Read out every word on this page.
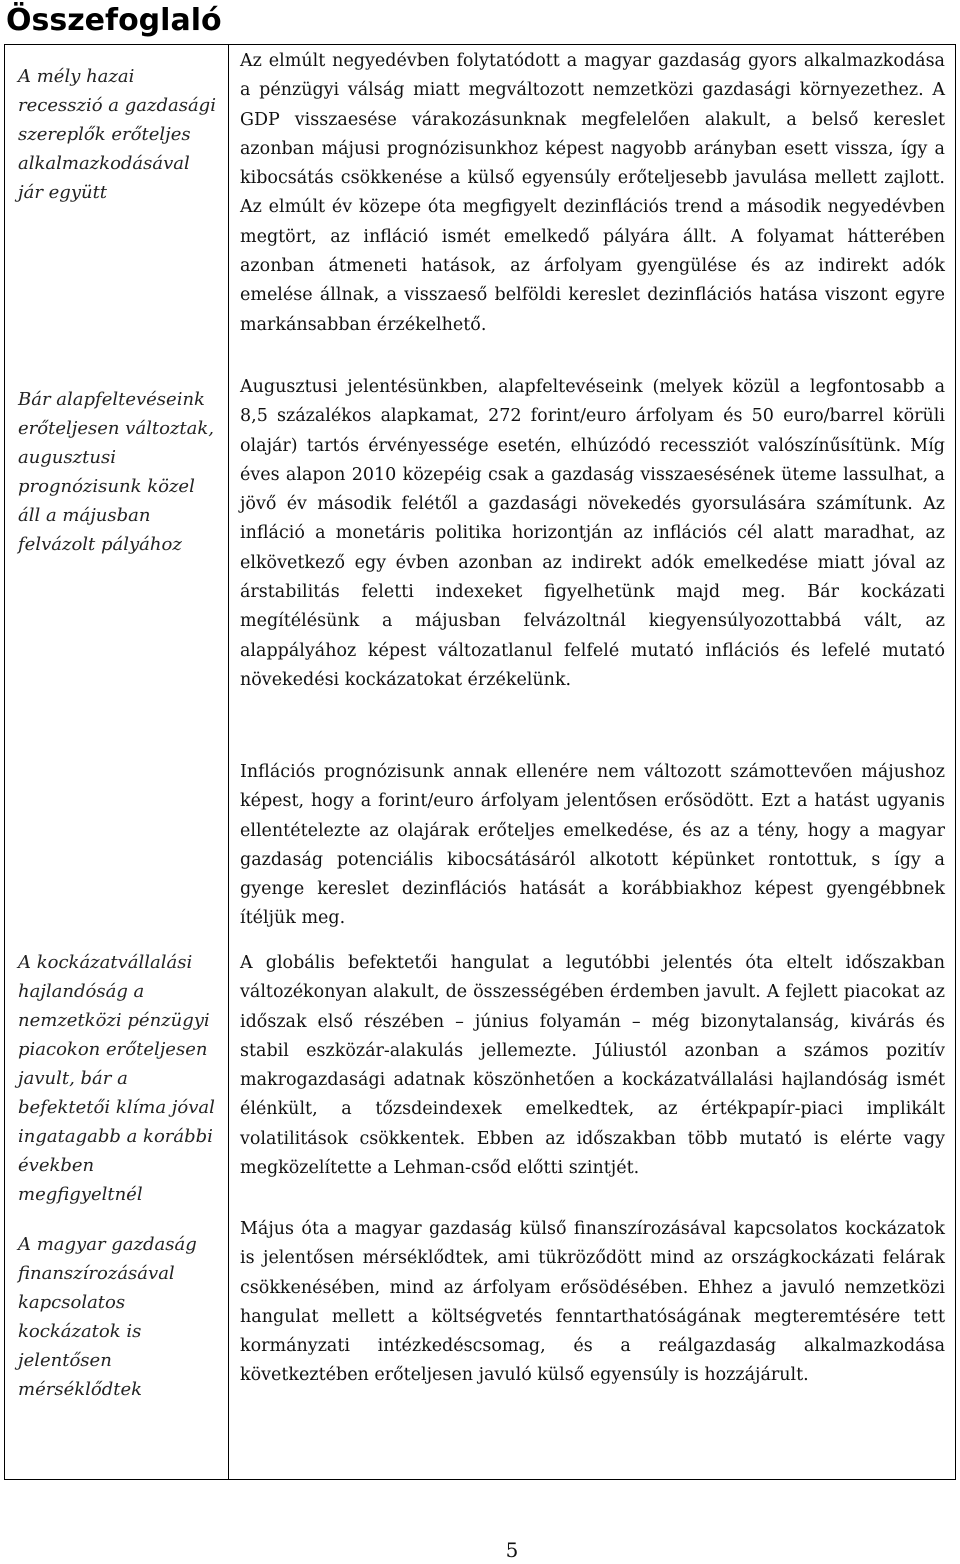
Összefoglaló
A mély hazai recesszió a gazdasági szereplők erőteljes alkalmazkodásával jár együtt
Bár alapfeltevéseink erőteljesen változtak, augusztusi prognózisunk közel áll a májusban felvázolt pályához
A kockázatvállalási hajlandóság a nemzetközi pénzügyi piacokon erőteljesen javult, bár a befektetői klíma jóval ingatagabb a korábbi években megfigyeltnél
A magyar gazdaság finanszírozásával kapcsolatos kockázatok is jelentősen mérséklődtek

Az elmúlt negyedévben folytatódott a magyar gazdaság gyors alkalmazkodása a pénzügyi válság miatt megváltozott nemzetközi gazdasági környezethez. A GDP visszaesése várakozásunknak megfelelően alakult, a belső kereslet azonban májusi prognózisunkhoz képest nagyobb arányban esett vissza, így a kibocsátás csökkenése a külső egyensúly erőteljesebb javulása mellett zajlott. Az elmúlt év közepe óta megfigyelt dezinflációs trend a második negyedévben megtört, az infláció ismét emelkedő pályára állt. A folyamat hátterében azonban átmeneti hatások, az árfolyam gyengülése és az indirekt adók emelése állnak, a visszaeső belföldi kereslet dezinflációs hatása viszont egyre markánsabban érzékelhető.

Augusztusi jelentésünkben, alapfeltevéseink (melyek közül a legfontosabb a 8,5 százalékos alapkamat, 272 forint/euro árfolyam és 50 euro/barrel körüli olajár) tartós érvényessége esetén, elhúzódó recessziót valószínűsítünk. Míg éves alapon 2010 közepéig csak a gazdaság visszaesésének üteme lassulhat, a jövő év második felétől a gazdasági növekedés gyorsulására számítunk. Az infláció a monetáris politika horizontján az inflációs cél alatt maradhat, az elkövetkező egy évben azonban az indirekt adók emelkedése miatt jóval az árstabilitás feletti indexeket figyelhetünk majd meg. Bár kockázati megítélésünk a májusban felvázoltnál kiegyensúlyozottabbá vált, az alappályához képest változatlanul felfelé mutató inflációs és lefelé mutató növekedési kockázatokat érzékelünk.

Inflációs prognózisunk annak ellenére nem változott számottevően májushoz képest, hogy a forint/euro árfolyam jelentősen erősödött. Ezt a hatást ugyanis ellentételezte az olajárak erőteljes emelkedése, és az a tény, hogy a magyar gazdaság potenciális kibocsátásáról alkotott képünket rontottuk, s így a gyenge kereslet dezinflációs hatását a korábbiakhoz képest gyengébbnek ítéljük meg.

A globális befektetői hangulat a legutóbbi jelentés óta eltelt időszakban változékonyan alakult, de összességében érdemben javult. A fejlett piacokat az időszak első részében – június folyamán – még bizonytalanság, kivárás és stabil eszközár-alakulás jellemezte. Júliustól azonban a számos pozitív makrogazdasági adatnak köszönhetően a kockázatvállalási hajlandóság ismét élénkült, a tőzsdeindexek emelkedtek, az értékpapír-piaci implikált volatilitások csökkentek. Ebben az időszakban több mutató is elérte vagy megközelítette a Lehman-csőd előtti szintjét.

Május óta a magyar gazdaság külső finanszírozásával kapcsolatos kockázatok is jelentősen mérséklődtek, ami tükröződött mind az országkockázati felárak csökkenésében, mind az árfolyam erősödésében. Ehhez a javuló nemzetközi hangulat mellett a költségvetés fenntarthatóságának megteremtésére tett kormányzati intézkedéscsomag, és a reálgazdaság alkalmazkodása következtében erőteljesen javuló külső egyensúly is hozzájárult.

5
